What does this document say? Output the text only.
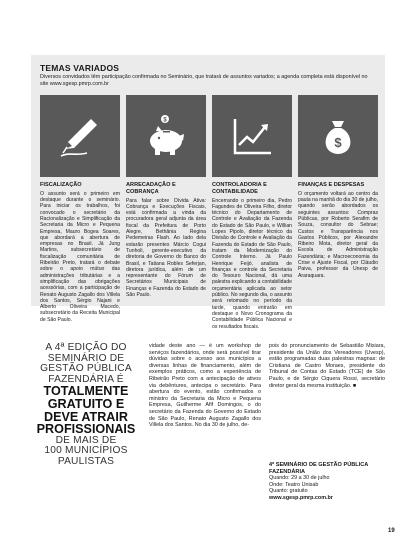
TEMAS VARIADOS
Diversos convidados têm participação confirmada no Seminário, que tratará de assuntos variados; a agenda completa está disponível no site www.sgesp.pmrp.com.br
$
$
FISCALIZAÇÃO
O assunto será o primeiro em destaque durante o seminário. Para iniciar os trabalhos, foi convocado o secretário da Racionalização e Simplificação da Secretaria da Micro e Pequena Empresa, Mauro Bogea Soares, que abordará a abertura de empresas no Brasil. Já Jung Martins, subsecretário de fiscalização comunitária de Ribeirão Preto, tratará o debate sobre o apoio mútuo das administrações tributárias e a simplificação das obrigações acessórias, com a participação de Renato Augusto Zagallo dos Villela dos Santos, Sérgio Najani e Alberto Oliveira Macedo, subsecretário da Receita Municipal de São Paulo.
ARRECADAÇÃO E COBRANÇA
Para falar sobre Dívida Ativa: Cobrança e Execuções Fiscais, está confirmada a vinda da procuradora geral adjunta da área fiscal da Prefeitura de Porto Alegre, Bethânia Regina Pedemeiras Flash. Ao lado dela estarão presentes Márcio Cogui Tunholi, gerente-executivo da diretoria de Governo do Banco do Brasil, e Tatiana Robles Seferjan, diretora jurídica, além de um representante do Fórum de Secretários Municipais de Finanças e Fazenda do Estado de São Paulo.
CONTROLADORIA E CONTABILIDADE
Encerrando o primeiro dia, Pedro Fagundes de Oliveira Filho, diretor técnico do Departamento de Controle e Avaliação da Fazenda do Estado de São Paulo, e Willian Lopes Pipolo, diretor técnico da Divisão de Controle e Avaliação da Fazenda do Estado de São Paulo, tratam da Modernização do Controle Interno. Já Paulo Henrique Feijó, analista de finanças e controle da Secretaria do Tesouro Nacional, dá uma palestra explicando a contabilidade orçamentária aplicada ao setor público. No segundo dia, o assunto será retomado no período da tarde, quando entrarão em destaque o Novo Cronograma da Contabilidade Pública Nacional e os resultados fiscais.
FINANÇAS E DESPESAS
O orçamento voltará ao centro da pauta na manhã do dia 30 de julho, quando serão abordados os seguintes assuntos: Compras Públicas, por Roberto Serafim de Souza, consultor do Sebrae; Custos e Transparência nos Gastos Públicos, por Alexandre Ribeiro Mota, diretor geral da Escola de Administração Fazendária; e Macroeconomia da Crise e Ajuste Fiscal, por Cláudio Paiva, professor da Unesp de Araraquara.
A 4ª EDIÇÃO DO
SEMINÁRIO DE
GESTÃO PÚBLICA
FAZENDÁRIA É
TOTALMENTE
GRATUITO E
DEVE ATRAIR
PROFISSIONAIS
DE MAIS DE
100 MUNICÍPIOS
PAULISTAS
vidade deste ano — é um workshop de serviços fazendários, onde será possível tirar dúvidas sobre o acesso aos municípios a diversas linhas de financiamento, além de exemplos práticos, como a experiência de Ribeirão Preto com a antecipação de ativos via debêntures, antecipa o secretário. Para abertura do evento, estão confirmados o ministro da Secretaria da Micro e Pequena Empresa, Guilherme Afif Domingos, o do secretário da Fazenda do Governo do Estado de São Paulo, Renato Augusto Zagallo dos Villela dos Santos. No dia 30 de julho, de-
pois do pronunciamento de Sebastião Misiara, presidente da União dos Vereadores (Uvesp), estão programadas duas palestras magnas: de Cristiana de Castro Moraes, presidente do Tribunal de Contas do Estado (TCE) de São Paulo, e de Sérgio Ciquera Rossi, secretário diretor geral da mesma instituição. ■
4º SEMINÁRIO DE GESTÃO PÚBLICA FAZENDÁRIA
Quando: 29 a 30 de julho
Onde: Teatro Unisab
Quanto: gratuito
www.sgesp.pmrp.com.br
19
